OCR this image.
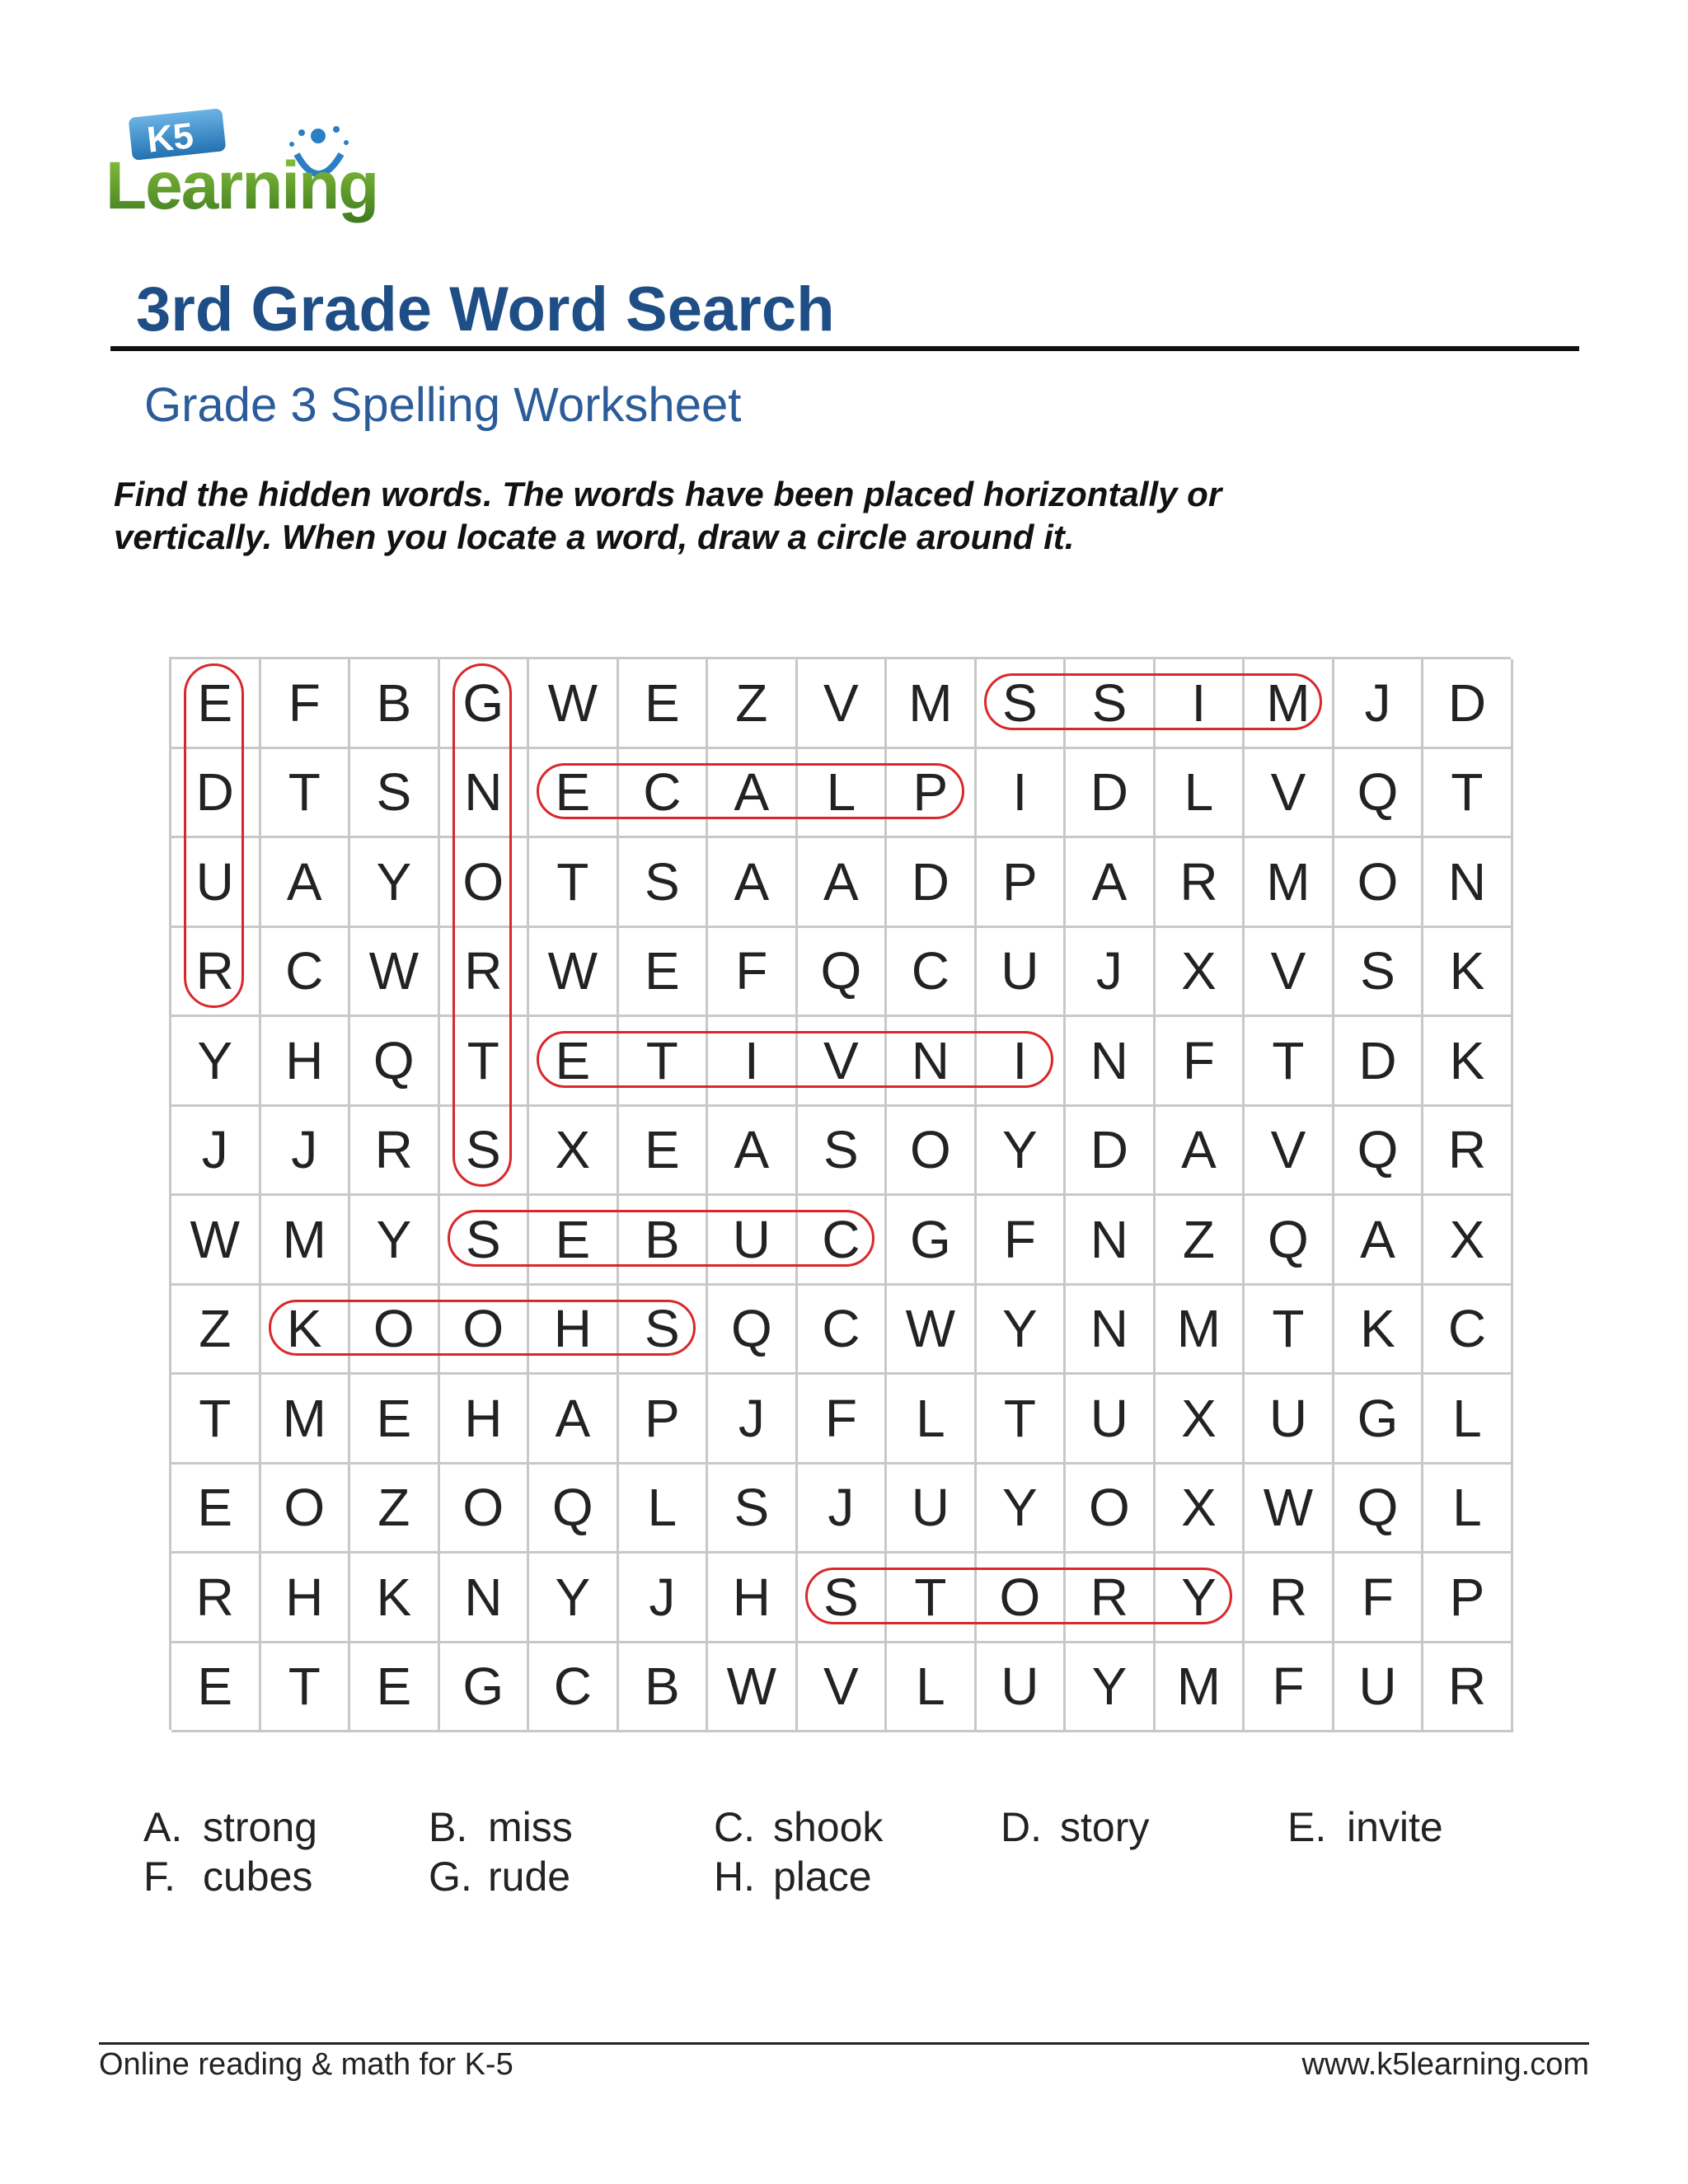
K5
Learning
3rd Grade Word Search
Grade 3 Spelling Worksheet
Find the hidden words. The words have been placed horizontally or
vertically. When you locate a word, draw a circle around it.
E	F	B G W E	Z	V M S	S	I	M	J	D
D	T	S	N	E	C	A	L	P	I	D	L	V Q	T
U	A	Y O	T	S	A	A	D	P	A	R M O N
R C W R W E	F	Q C U	J	X	V	S	K
Y	H Q	T	E	T	I	V	N	I	N	F	T	D	K
J	J	R	S	X	E	A	S O Y	D	A	V Q R
W M Y	S	E	B	U C G	F	N	Z	Q A	X
Z	K O O H	S Q C W Y	N M T	K	C
T M E	H	A	P	J	F	L	T	U	X	U G	L
E O	Z	O Q	L	S	J	U	Y O X W Q	L
R H	K	N	Y	J	H	S	T	O R	Y	R	F	P
E	T	E G C	B W V	L	U	Y M F	U R
A. strong	B. miss	C. shook	D. story	E. invite
F. cubes	G. rude	H. place
Online reading & math for K-5	www.k5learning.com
